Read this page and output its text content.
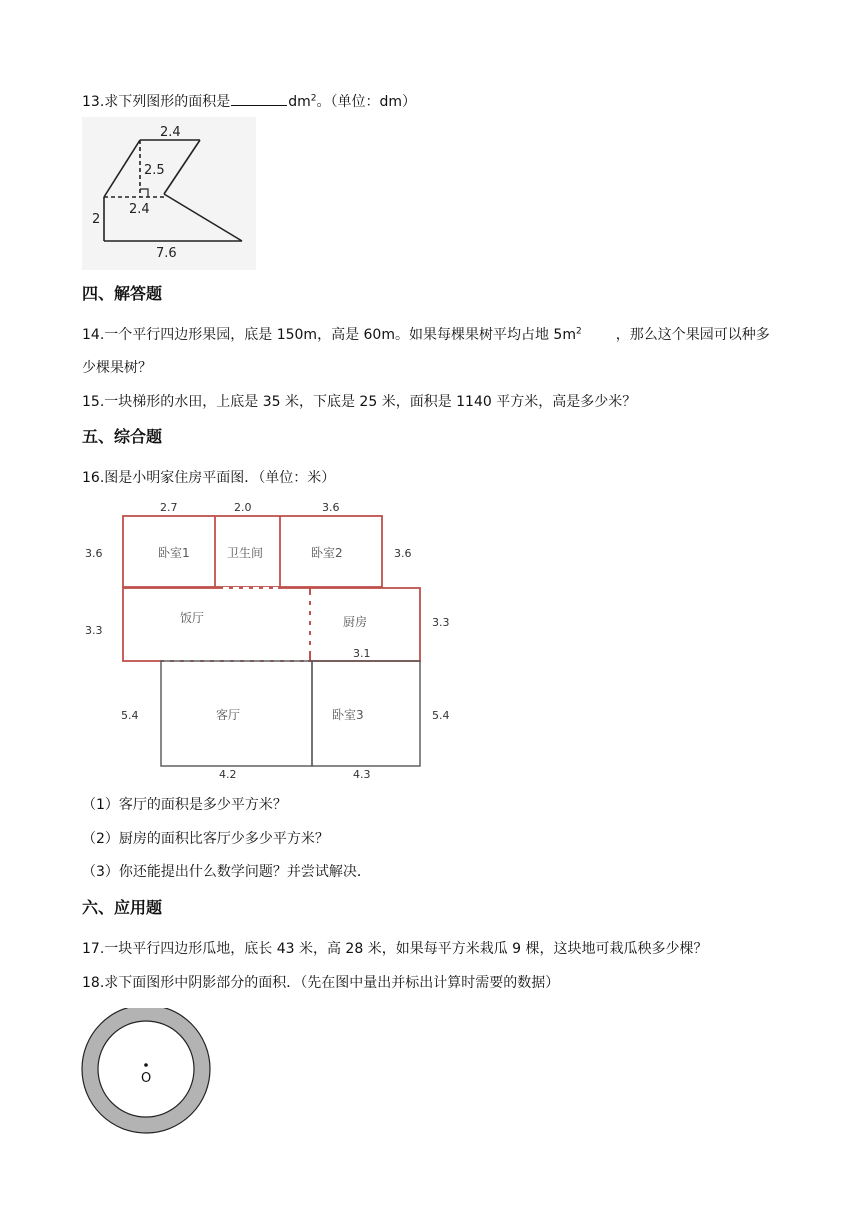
13.求下列图形的面积是	$dm^2$。（单位：dm）
2.4
2.5
2.4
2
7.6
四、解答题
14.一个平行四边形果园，底是 150m，高是 60m。如果每棵果树平均占地 $5m^2$ ，那么这个果园可以种多
少棵果树？
15.一块梯形的水田，上底是 35 米，下底是 25 米，面积是 1140 平方米，高是多少米？
五、综合题
16.图是小明家住房平面图．（单位：米）
2.7	2.0	3.6
3.6	3.6
3.3
3.3
3.1
5.4	5.4
4.2	4.3
卧室1	卫生间	卧室2
饭厅	厨房
客厅	卧室3
（1）客厅的面积是多少平方米？
（2）厨房的面积比客厅少多少平方米？
（3）你还能提出什么数学问题？并尝试解决．
六、应用题
17.一块平行四边形瓜地，底长 43 米，高 28 米，如果每平方米栽瓜 9 棵，这块地可栽瓜秧多少棵？
18.求下面图形中阴影部分的面积．（先在图中量出并标出计算时需要的数据）
O
